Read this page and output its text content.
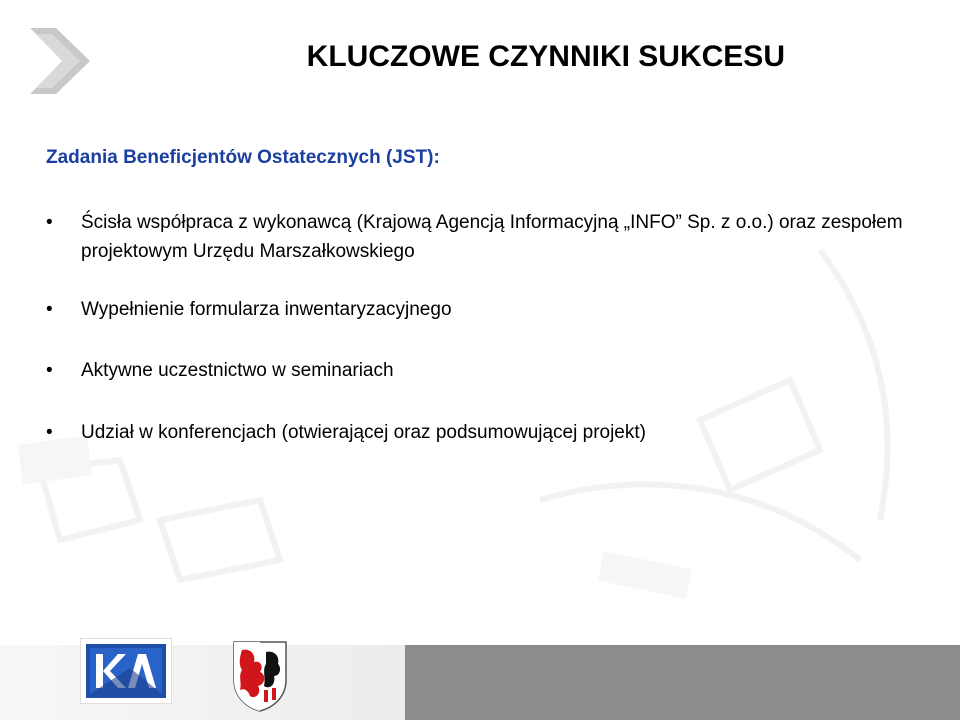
KLUCZOWE CZYNNIKI SUKCESU
Zadania Beneficjentów Ostatecznych (JST):
• Ścisła współpraca z wykonawcą (Krajową Agencją Informacyjną „INFO” Sp. z o.o.) oraz zespołem projektowym Urzędu Marszałkowskiego
• Wypełnienie formularza inwentaryzacyjnego
• Aktywne uczestnictwo w seminariach
• Udział w konferencjach (otwierającej oraz podsumowującej projekt)
